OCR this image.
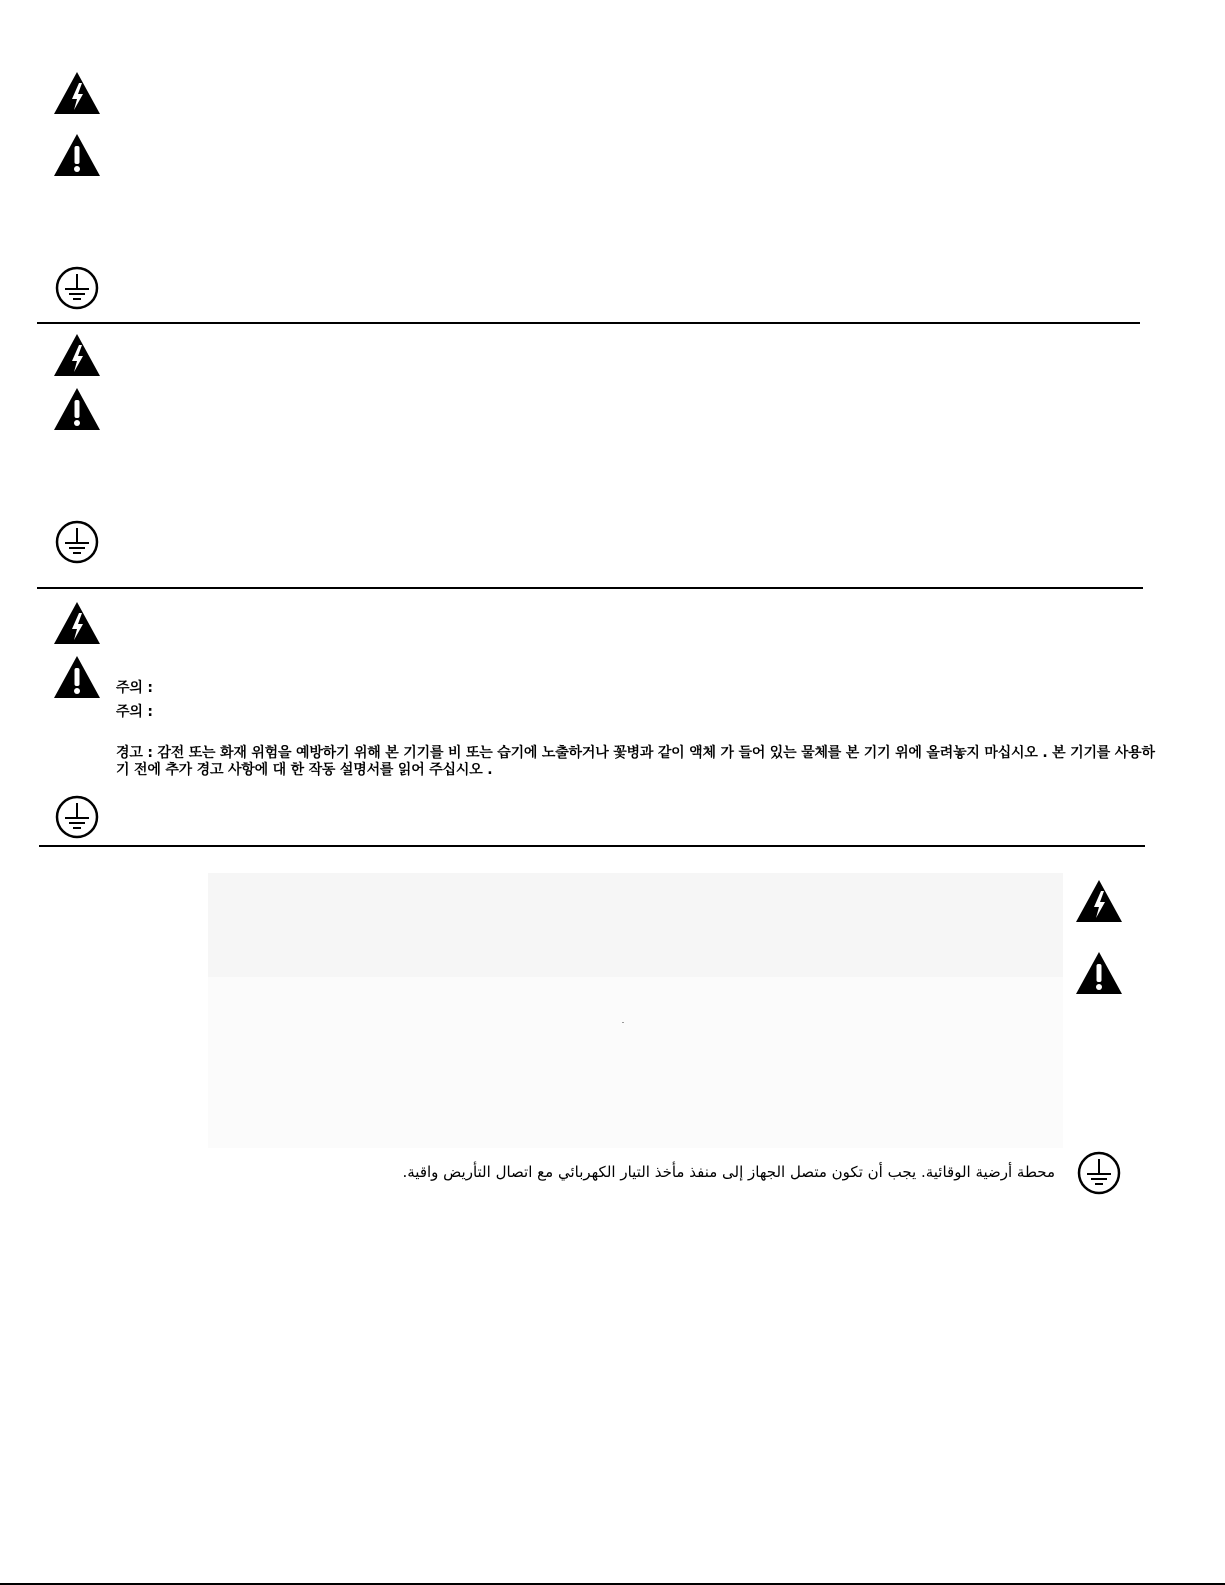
주의 :
주의 :
경고 : 감전 또는 화재 위험을 예방하기 위해 본 기기를 비 또는 습기에 노출하거나 꽃병과 같이 액체 가 들어 있는 물체를 본 기기 위에 올려놓지 마십시오 . 본 기기를 사용하기 전에 추가 경고 사항에 대 한 작동 설명서를 읽어 주십시오 .
محطة أرضية الوقائية. يجب أن تكون متصل الجهاز إلى منفذ مأخذ التيار الكهربائي مع اتصال التأريض واقية.
